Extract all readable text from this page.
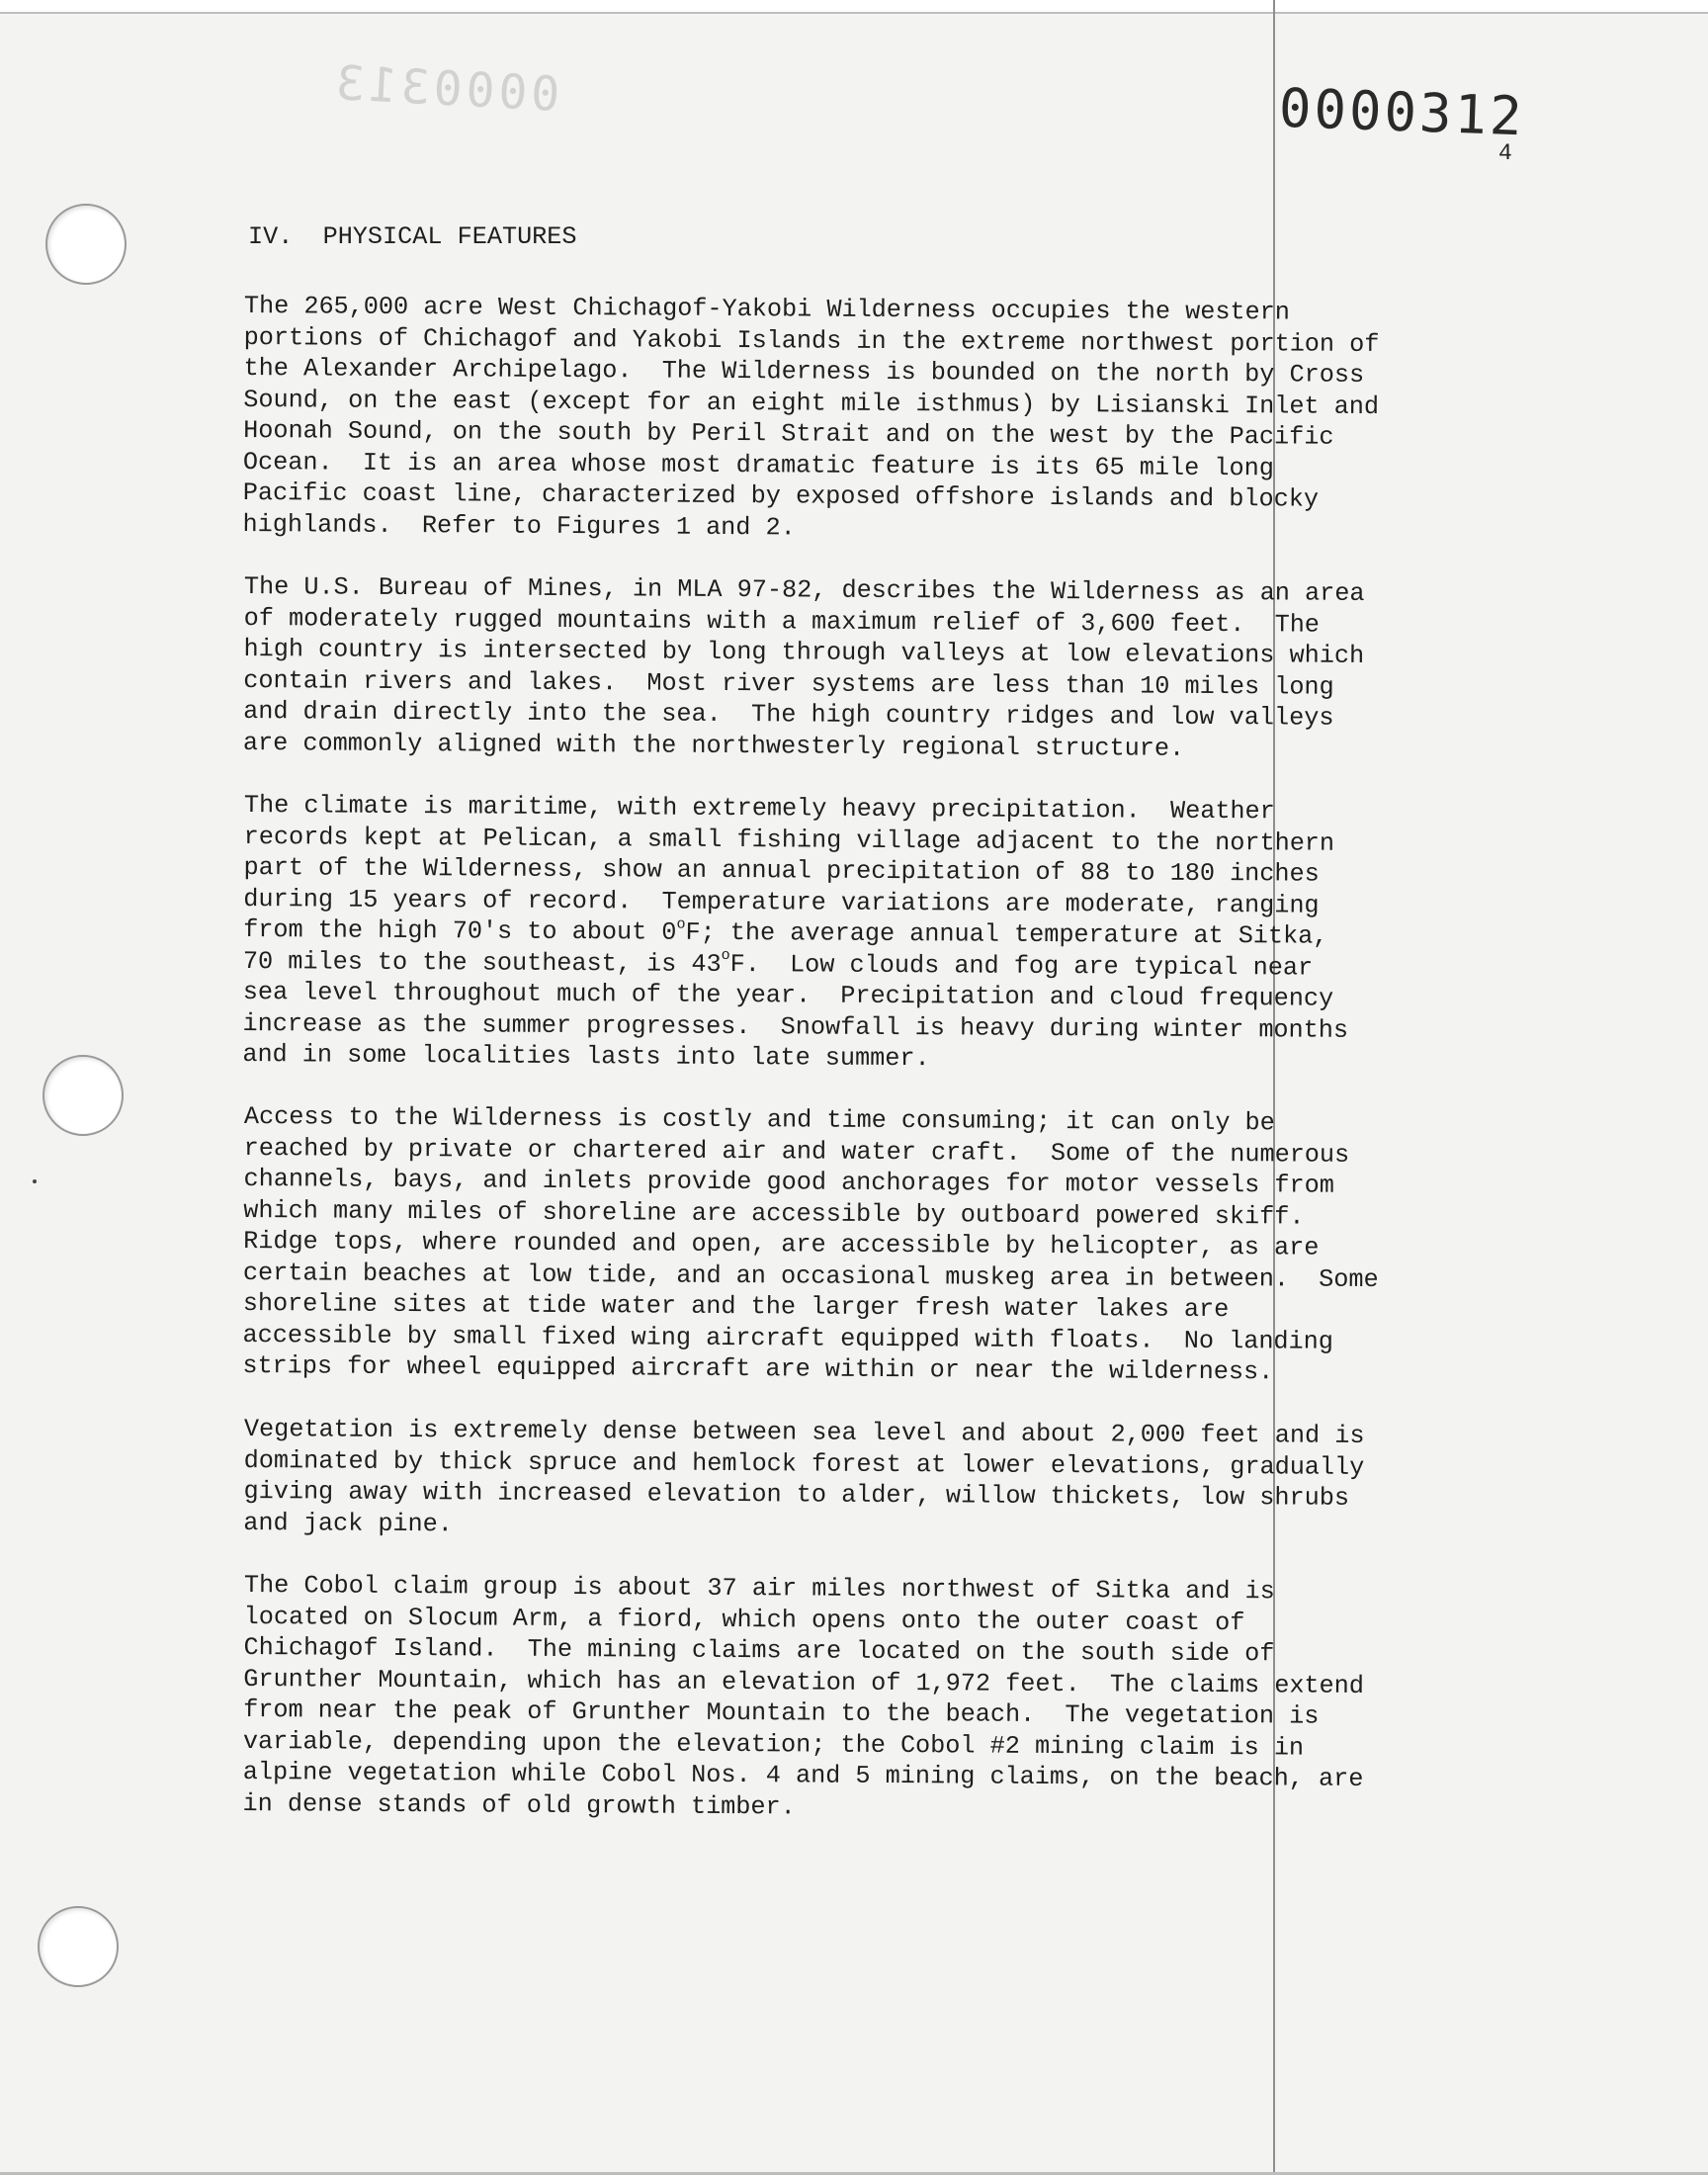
0000313	0000312
4
IV.  PHYSICAL FEATURES
The 265,000 acre West Chichagof-Yakobi Wilderness occupies the western
portions of Chichagof and Yakobi Islands in the extreme northwest portion of
the Alexander Archipelago.  The Wilderness is bounded on the north by Cross
Sound, on the east (except for an eight mile isthmus) by Lisianski Inlet and
Hoonah Sound, on the south by Peril Strait and on the west by the Pacific
Ocean.  It is an area whose most dramatic feature is its 65 mile long
Pacific coast line, characterized by exposed offshore islands and blocky
highlands.  Refer to Figures 1 and 2.
The U.S. Bureau of Mines, in MLA 97-82, describes the Wilderness as an area
of moderately rugged mountains with a maximum relief of 3,600 feet.  The
high country is intersected by long through valleys at low elevations which
contain rivers and lakes.  Most river systems are less than 10 miles long
and drain directly into the sea.  The high country ridges and low valleys
are commonly aligned with the northwesterly regional structure.
The climate is maritime, with extremely heavy precipitation.  Weather
records kept at Pelican, a small fishing village adjacent to the northern
part of the Wilderness, show an annual precipitation of 88 to 180 inches
during 15 years of record.  Temperature variations are moderate, ranging
from the high 70's to about 0$^o$F; the average annual temperature at Sitka,
70 miles to the southeast, is 43$^o$F.  Low clouds and fog are typical near
sea level throughout much of the year.  Precipitation and cloud frequency
increase as the summer progresses.  Snowfall is heavy during winter months
and in some localities lasts into late summer.
Access to the Wilderness is costly and time consuming; it can only be
reached by private or chartered air and water craft.  Some of the numerous
channels, bays, and inlets provide good anchorages for motor vessels from
which many miles of shoreline are accessible by outboard powered skiff.
Ridge tops, where rounded and open, are accessible by helicopter, as are
certain beaches at low tide, and an occasional muskeg area in between.  Some
shoreline sites at tide water and the larger fresh water lakes are
accessible by small fixed wing aircraft equipped with floats.  No landing
strips for wheel equipped aircraft are within or near the wilderness.
Vegetation is extremely dense between sea level and about 2,000 feet and is
dominated by thick spruce and hemlock forest at lower elevations, gradually
giving away with increased elevation to alder, willow thickets, low shrubs
and jack pine.
The Cobol claim group is about 37 air miles northwest of Sitka and is
located on Slocum Arm, a fiord, which opens onto the outer coast of
Chichagof Island.  The mining claims are located on the south side of
Grunther Mountain, which has an elevation of 1,972 feet.  The claims extend
from near the peak of Grunther Mountain to the beach.  The vegetation is
variable, depending upon the elevation; the Cobol #2 mining claim is in
alpine vegetation while Cobol Nos. 4 and 5 mining claims, on the beach, are
in dense stands of old growth timber.
